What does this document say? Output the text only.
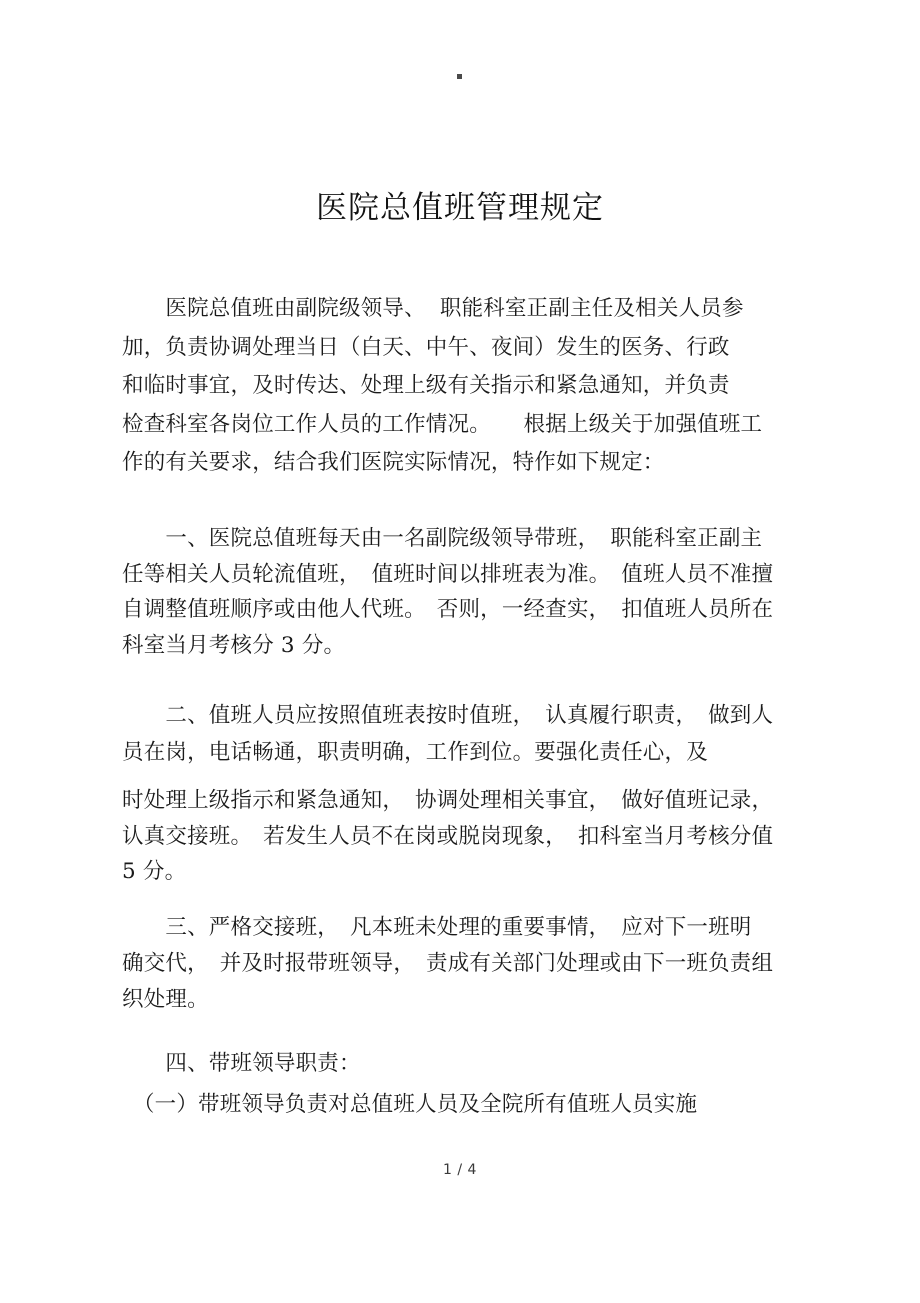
医院总值班管理规定
　　医院总值班由副院级领导、  职能科室正副主任及相关人员参
加，负责协调处理当日（白天、中午、夜间）发生的医务、行政
和临时事宜，及时传达、处理上级有关指示和紧急通知，并负责
检查科室各岗位工作人员的工作情况。　　根据上级关于加强值班工
作的有关要求，结合我们医院实际情况，特作如下规定：
　　一、医院总值班每天由一名副院级领导带班，　职能科室正副主
任等相关人员轮流值班，　值班时间以排班表为准。　值班人员不准擅
自调整值班顺序或由他人代班。　否则，一经查实，　扣值班人员所在
科室当月考核分 3 分。
　　二、值班人员应按照值班表按时值班，　认真履行职责，　做到人
员在岗，电话畅通，职责明确，工作到位。要强化责任心，及
时处理上级指示和紧急通知，　协调处理相关事宜，　做好值班记录，
认真交接班。　若发生人员不在岗或脱岗现象，　扣科室当月考核分值
5 分。
　　三、严格交接班，　凡本班未处理的重要事情，　应对下一班明
确交代，　并及时报带班领导，　责成有关部门处理或由下一班负责组
织处理。
　　四、带班领导职责：
　（一）带班领导负责对总值班人员及全院所有值班人员实施
1 / 4
